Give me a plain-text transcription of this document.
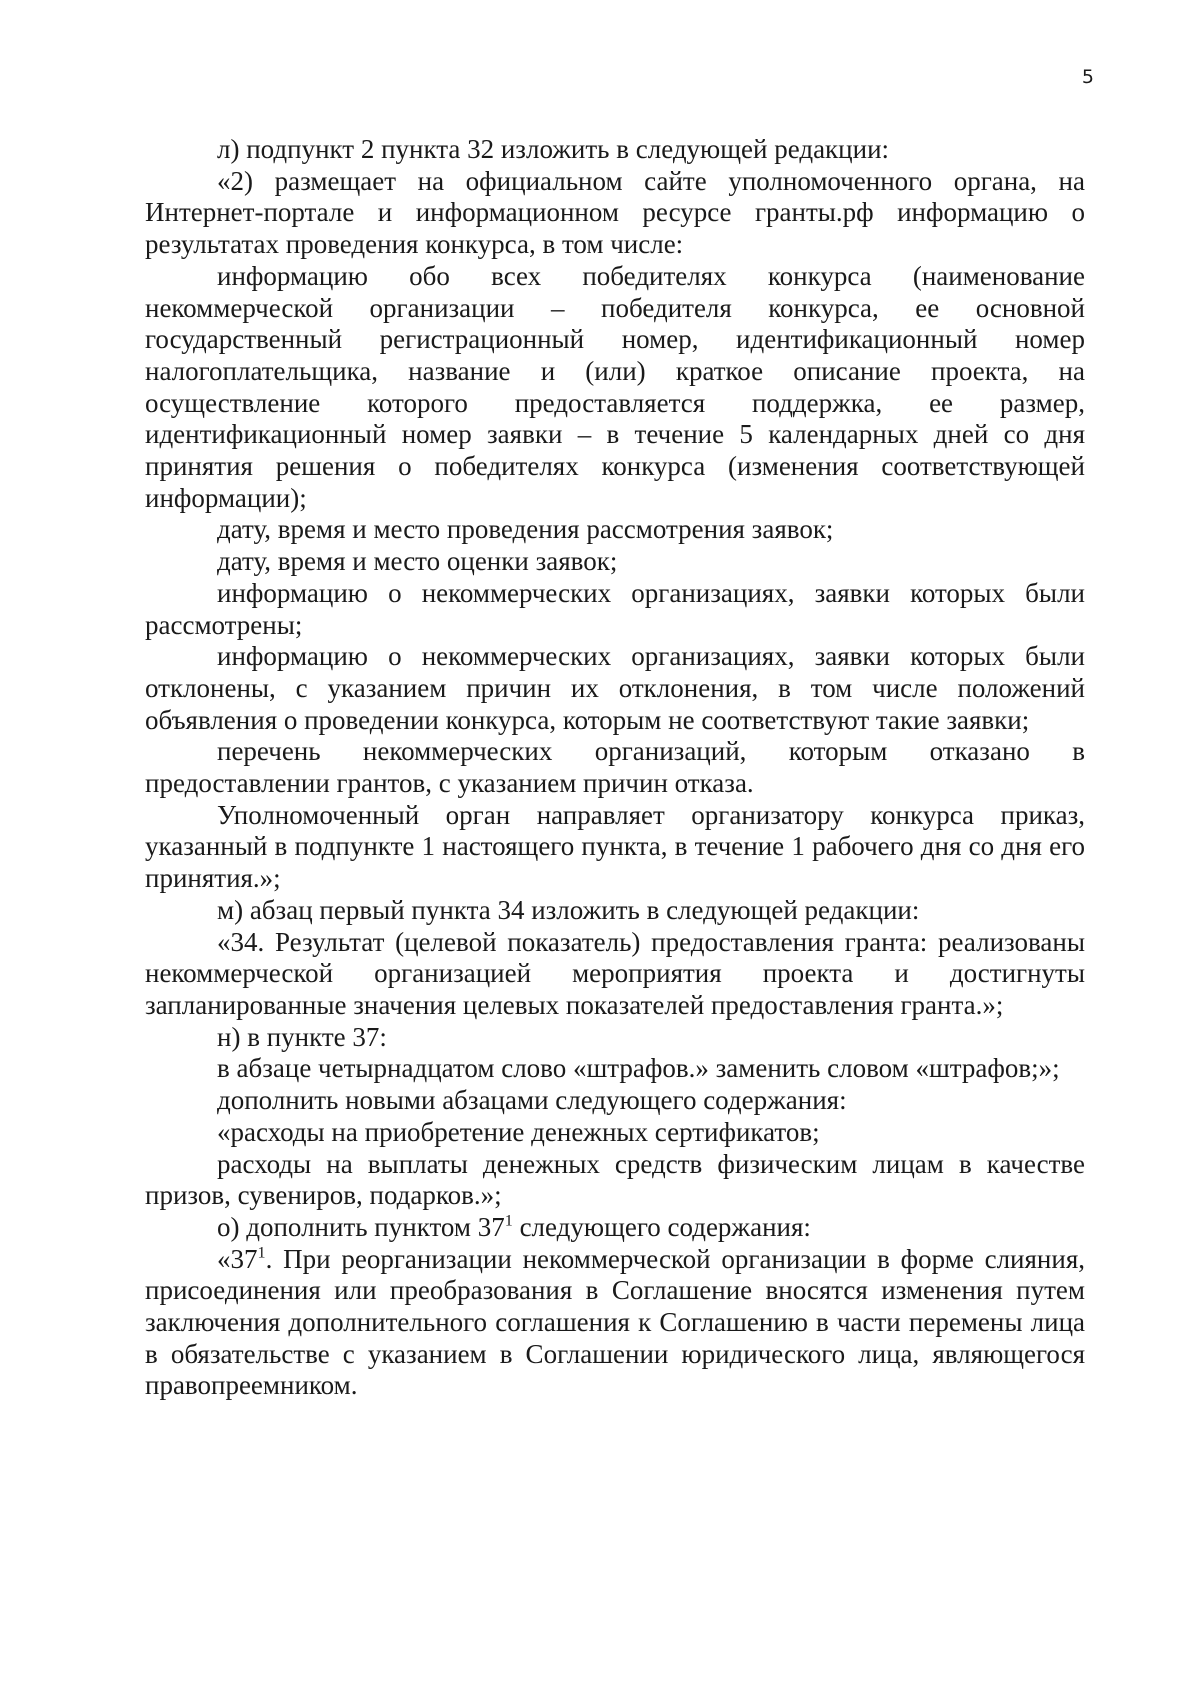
5

л) подпункт 2 пункта 32 изложить в следующей редакции:

«2) размещает на официальном сайте уполномоченного органа, на Интернет-портале и информационном ресурсе гранты.рф информацию о результатах проведения конкурса, в том числе:

информацию обо всех победителях конкурса (наименование некоммерческой организации – победителя конкурса, ее основной государственный регистрационный номер, идентификационный номер налогоплательщика, название и (или) краткое описание проекта, на осуществление которого предоставляется поддержка, ее размер, идентификационный номер заявки – в течение 5 календарных дней со дня принятия решения о победителях конкурса (изменения соответствующей информации);

дату, время и место проведения рассмотрения заявок;

дату, время и место оценки заявок;

информацию о некоммерческих организациях, заявки которых были рассмотрены;

информацию о некоммерческих организациях, заявки которых были отклонены, с указанием причин их отклонения, в том числе положений объявления о проведении конкурса, которым не соответствуют такие заявки;

перечень некоммерческих организаций, которым отказано в предоставлении грантов, с указанием причин отказа.

Уполномоченный орган направляет организатору конкурса приказ, указанный в подпункте 1 настоящего пункта, в течение 1 рабочего дня со дня его принятия.»;

м) абзац первый пункта 34 изложить в следующей редакции:

«34. Результат (целевой показатель) предоставления гранта: реализованы некоммерческой организацией мероприятия проекта и достигнуты запланированные значения целевых показателей предоставления гранта.»;

н) в пункте 37:

в абзаце четырнадцатом слово «штрафов.» заменить словом «штрафов;»;

дополнить новыми абзацами следующего содержания:

«расходы на приобретение денежных сертификатов;

расходы на выплаты денежных средств физическим лицам в качестве призов, сувениров, подарков.»;

о) дополнить пунктом $37^1$ следующего содержания:

«$37^1$. При реорганизации некоммерческой организации в форме слияния, присоединения или преобразования в Соглашение вносятся изменения путем заключения дополнительного соглашения к Соглашению в части перемены лица в обязательстве с указанием в Соглашении юридического лица, являющегося правопреемником.
